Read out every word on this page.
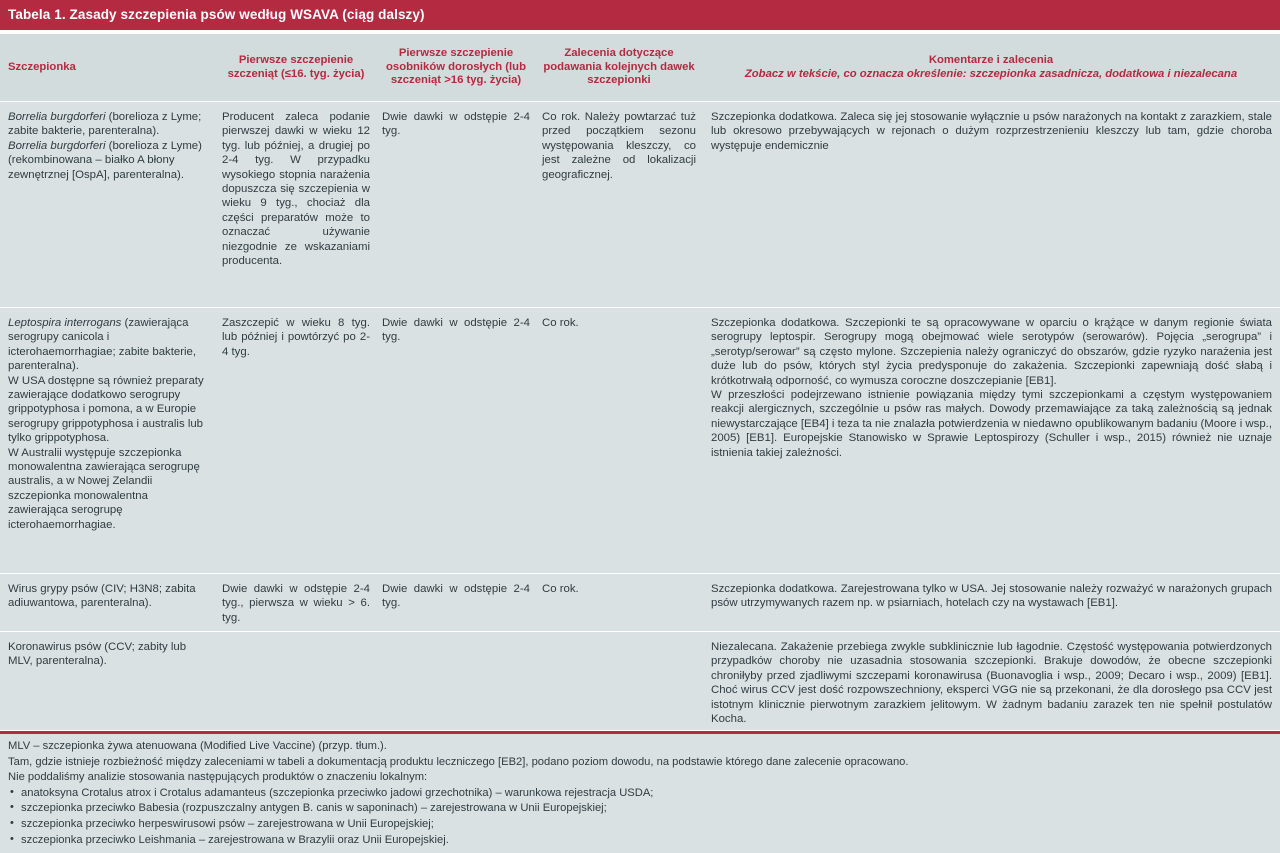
Tabela 1. Zasady szczepienia psów według WSAVA (ciąg dalszy)
Szczepionka
Pierwsze szczepienie szczeniąt (≤16. tyg. życia)
Pierwsze szczepienie osobników dorosłych (lub szczeniąt >16 tyg. życia)
Zalecenia dotyczące podawania kolejnych dawek szczepionki
Komentarze i zalecenia
Zobacz w tekście, co oznacza określenie: szczepionka zasadnicza, dodatkowa i niezalecana

Borrelia burgdorferi (borelioza z Lyme; zabite bakterie, parenteralna).

Borrelia burgdorferi (borelioza z Lyme) (rekombinowana – białko A błony zewnętrznej [OspA], parenteralna).

Producent zaleca podanie pierwszej dawki w wieku 12 tyg. lub później, a drugiej po 2-4 tyg. W przypadku wysokiego stopnia narażenia dopuszcza się szczepienia w wieku 9 tyg., chociaż dla części preparatów może to oznaczać używanie niezgodnie ze wskazaniami producenta.

Dwie dawki w odstępie 2-4 tyg.

Co rok. Należy powtarzać tuż przed początkiem sezonu występowania kleszczy, co jest zależne od lokalizacji geograficznej.

Szczepionka dodatkowa. Zaleca się jej stosowanie wyłącznie u psów narażonych na kontakt z zarazkiem, stale lub okresowo przebywających w rejonach o dużym rozprzestrzenieniu kleszczy lub tam, gdzie choroba występuje endemicznie

Leptospira interrogans (zawierająca serogrupy canicola i icterohaemorrhagiae; zabite bakterie, parenteralna).

W USA dostępne są również preparaty zawierające dodatkowo serogrupy grippotyphosa i pomona, a w Europie serogrupy grippotyphosa i australis lub tylko grippotyphosa.

W Australii występuje szczepionka monowalentna zawierająca serogrupę australis, a w Nowej Zelandii szczepionka monowalentna zawierająca serogrupę icterohaemorrhagiae.

Zaszczepić w wieku 8 tyg. lub później i powtórzyć po 2-4 tyg.

Dwie dawki w odstępie 2-4 tyg.

Co rok.	Szczepionka dodatkowa. Szczepionki te są opracowywane w oparciu o krążące w danym regionie świata serogrupy leptospir. Serogrupy mogą obejmować wiele serotypów (serowarów). Pojęcia „serogrupa” i „serotyp/serowar” są często mylone. Szczepienia należy ograniczyć do obszarów, gdzie ryzyko narażenia jest duże lub do psów, których styl życia predysponuje do zakażenia. Szczepionki zapewniają dość słabą i krótkotrwałą odporność, co wymusza coroczne doszczepianie [EB1].

W przeszłości podejrzewano istnienie powiązania między tymi szczepionkami a częstym występowaniem reakcji alergicznych, szczególnie u psów ras małych. Dowody przemawiające za taką zależnością są jednak niewystarczające [EB4] i teza ta nie znalazła potwierdzenia w niedawno opublikowanym badaniu (Moore i wsp., 2005) [EB1]. Europejskie Stanowisko w Sprawie Leptospirozy (Schuller i wsp., 2015) również nie uznaje istnienia takiej zależności.

Wirus grypy psów (CIV; H3N8; zabita adiuwantowa, parenteralna).

Dwie dawki w odstępie 2-4 tyg., pierwsza w wieku > 6. tyg.

Dwie dawki w odstępie 2-4 tyg.

Co rok.	Szczepionka dodatkowa. Zarejestrowana tylko w USA. Jej stosowanie należy rozważyć w narażonych grupach psów utrzymywanych razem np. w psiarniach, hotelach czy na wystawach [EB1].

Koronawirus psów (CCV; zabity lub MLV, parenteralna).

Niezalecana. Zakażenie przebiega zwykle subklinicznie lub łagodnie. Częstość występowania potwierdzonych przypadków choroby nie uzasadnia stosowania szczepionki. Brakuje dowodów, że obecne szczepionki chroniłyby przed zjadliwymi szczepami koronawirusa (Buonavoglia i wsp., 2009; Decaro i wsp., 2009) [EB1]. Choć wirus CCV jest dość rozpowszechniony, eksperci VGG nie są przekonani, że dla dorosłego psa CCV jest istotnym klinicznie pierwotnym zarazkiem jelitowym. W żadnym badaniu zarazek ten nie spełnił postulatów Kocha.

MLV – szczepionka żywa atenuowana (Modified Live Vaccine) (przyp. tłum.).

Tam, gdzie istnieje rozbieżność między zaleceniami w tabeli a dokumentacją produktu leczniczego [EB2], podano poziom dowodu, na podstawie którego dane zalecenie opracowano.

Nie poddaliśmy analizie stosowania następujących produktów o znaczeniu lokalnym:

• anatoksyna Crotalus atrox i Crotalus adamanteus (szczepionka przeciwko jadowi grzechotnika) – warunkowa rejestracja USDA;
• szczepionka przeciwko Babesia (rozpuszczalny antygen B. canis w saponinach) – zarejestrowana w Unii Europejskiej;
• szczepionka przeciwko herpeswirusowi psów – zarejestrowana w Unii Europejskiej;
• szczepionka przeciwko Leishmania – zarejestrowana w Brazylii oraz Unii Europejskiej.
